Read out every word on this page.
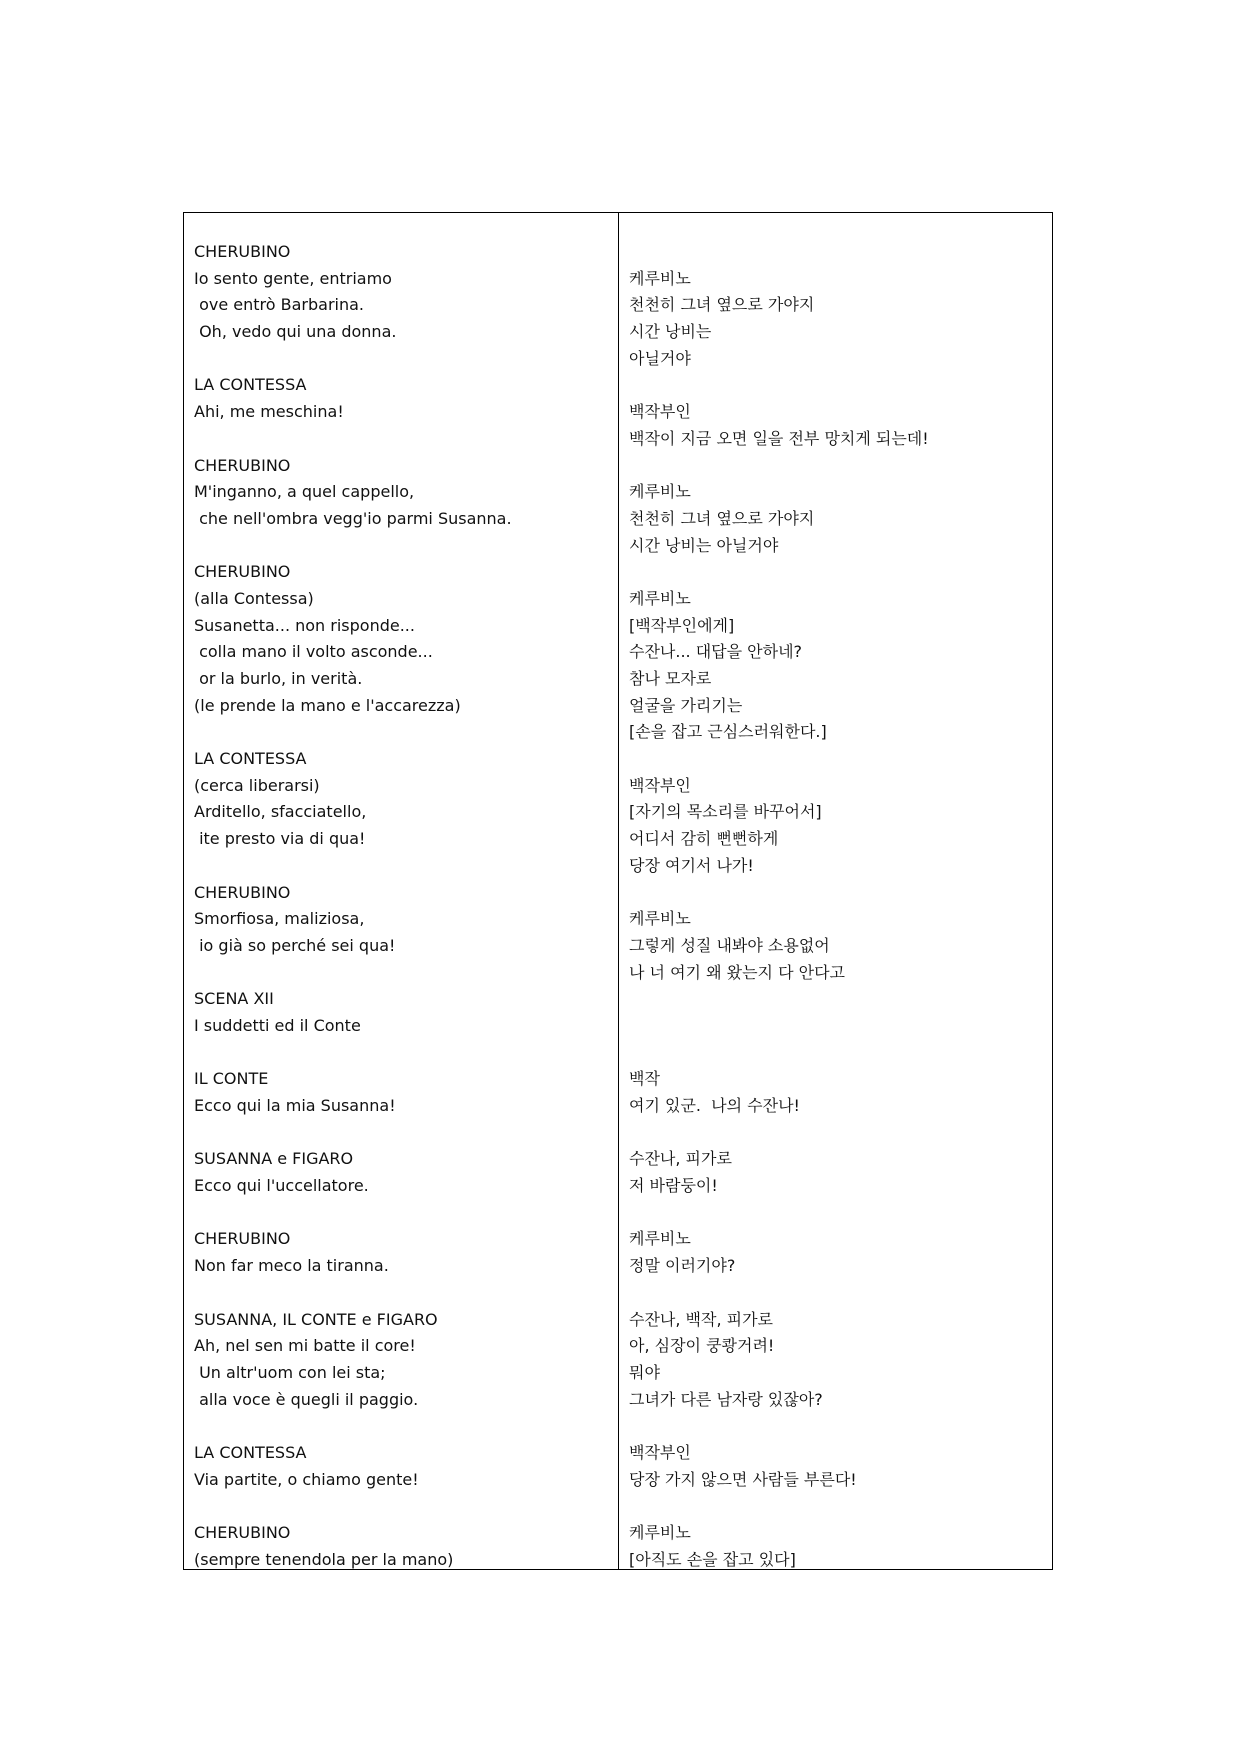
CHERUBINO
Io sento gente, entriamo
ove entrò Barbarina.
Oh, vedo qui una donna.
LA CONTESSA
Ahi, me meschina!
CHERUBINO
M'inganno, a quel cappello,
che nell'ombra vegg'io parmi Susanna.
CHERUBINO
(alla Contessa)
Susanetta... non risponde...
colla mano il volto asconde...
or la burlo, in verità.
(le prende la mano e l'accarezza)
LA CONTESSA
(cerca liberarsi)
Arditello, sfacciatello,
ite presto via di qua!
CHERUBINO
Smorfiosa, maliziosa,
io già so perché sei qua!
SCENA XII
I suddetti ed il Conte
IL CONTE
Ecco qui la mia Susanna!
SUSANNA e FIGARO
Ecco qui l'uccellatore.
CHERUBINO
Non far meco la tiranna.
SUSANNA, IL CONTE e FIGARO
Ah, nel sen mi batte il core!
Un altr'uom con lei sta;
alla voce è quegli il paggio.
LA CONTESSA
Via partite, o chiamo gente!
CHERUBINO
(sempre tenendola per la mano)
케루비노
천천히 그녀 옆으로 가야지
시간 낭비는
아닐거야
백작부인
백작이 지금 오면 일을 전부 망치게 되는데!
케루비노
천천히 그녀 옆으로 가야지
시간 낭비는 아닐거야
케루비노
[백작부인에게]
수잔나... 대답을 안하네?
참나 모자로
얼굴을 가리기는
[손을 잡고 근심스러워한다.]
백작부인
[자기의 목소리를 바꾸어서]
어디서 감히 뻔뻔하게
당장 여기서 나가!
케루비노
그렇게 성질 내봐야 소용없어
나 너 여기 왜 왔는지 다 안다고
백작
여기 있군.  나의 수잔나!
수잔나, 피가로
저 바람둥이!
케루비노
정말 이러기야?
수잔나, 백작, 피가로
아, 심장이 쿵쾅거려!
뭐야
그녀가 다른 남자랑 있잖아?
백작부인
당장 가지 않으면 사람들 부른다!
케루비노
[아직도 손을 잡고 있다]
